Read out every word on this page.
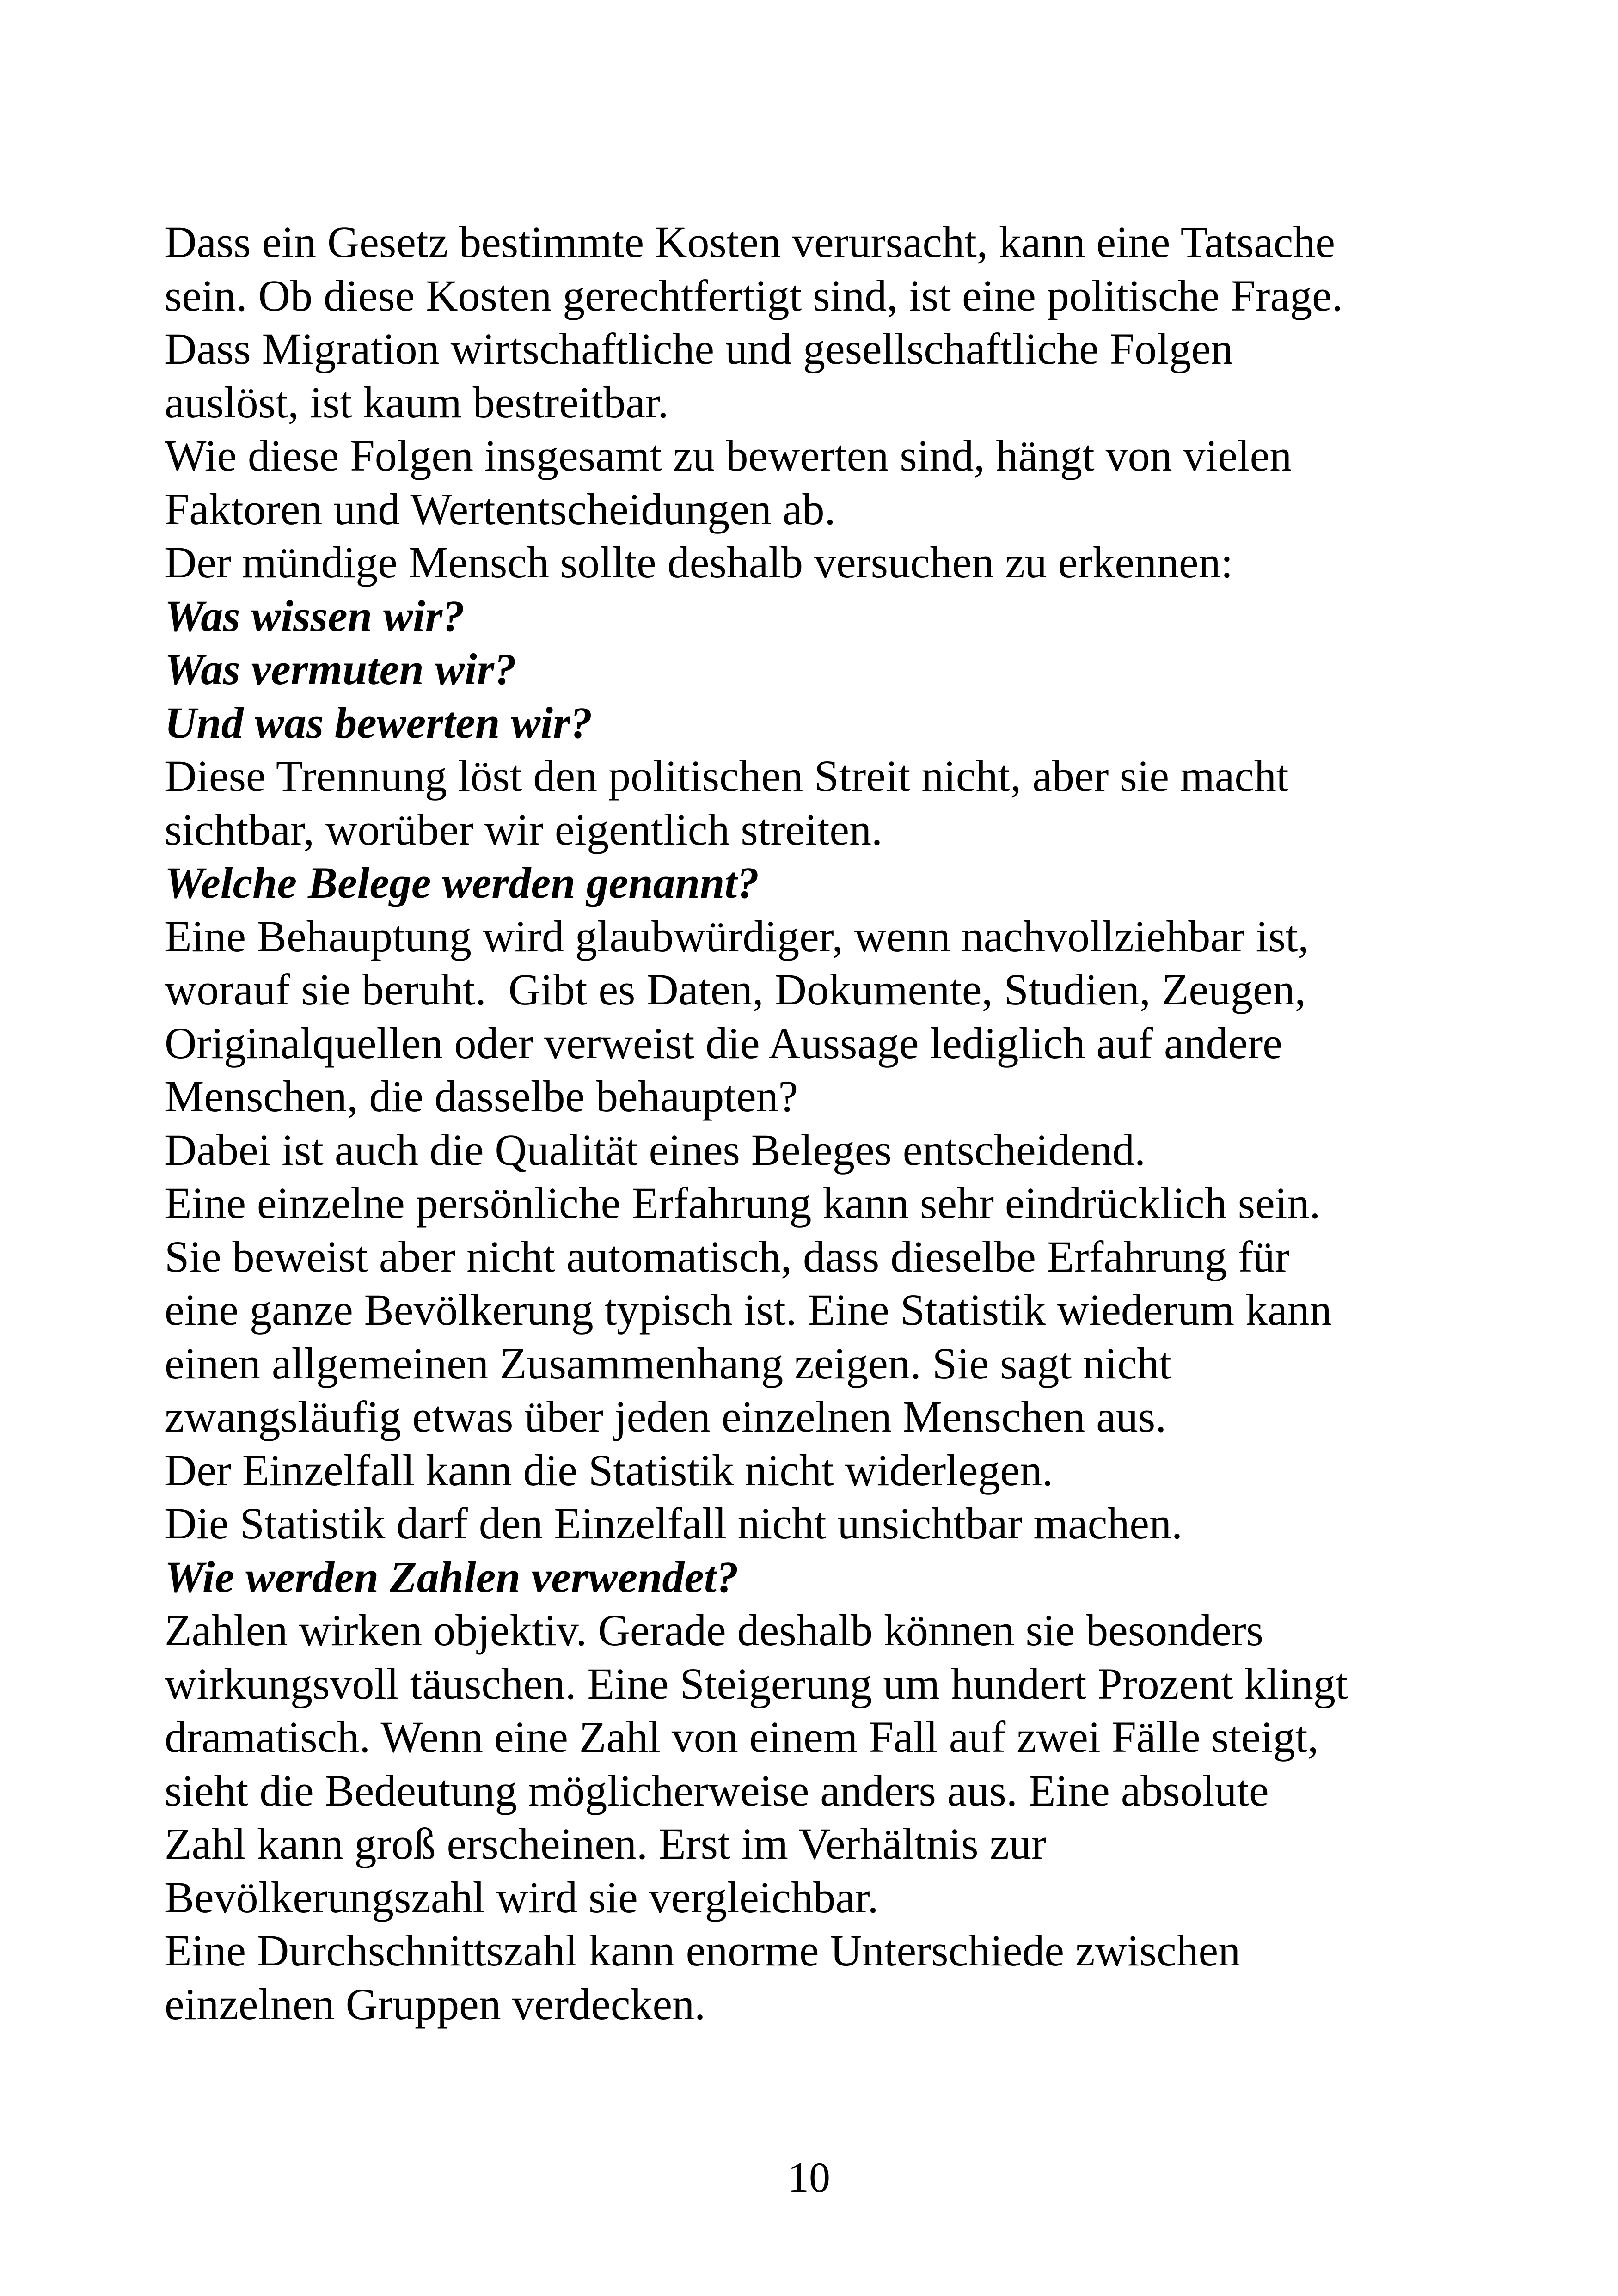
Dass ein Gesetz bestimmte Kosten verursacht, kann eine Tatsache

sein. Ob diese Kosten gerechtfertigt sind, ist eine politische Frage.

Dass Migration wirtschaftliche und gesellschaftliche Folgen

auslöst, ist kaum bestreitbar.

Wie diese Folgen insgesamt zu bewerten sind, hängt von vielen

Faktoren und Wertentscheidungen ab.

Der mündige Mensch sollte deshalb versuchen zu erkennen:

Was wissen wir?

Was vermuten wir?

Und was bewerten wir?

Diese Trennung löst den politischen Streit nicht, aber sie macht

sichtbar, worüber wir eigentlich streiten.

Welche Belege werden genannt?

Eine Behauptung wird glaubwürdiger, wenn nachvollziehbar ist,

worauf sie beruht.  Gibt es Daten, Dokumente, Studien, Zeugen,

Originalquellen oder verweist die Aussage lediglich auf andere

Menschen, die dasselbe behaupten?

Dabei ist auch die Qualität eines Beleges entscheidend.

Eine einzelne persönliche Erfahrung kann sehr eindrücklich sein.

Sie beweist aber nicht automatisch, dass dieselbe Erfahrung für

eine ganze Bevölkerung typisch ist. Eine Statistik wiederum kann

einen allgemeinen Zusammenhang zeigen. Sie sagt nicht

zwangsläufig etwas über jeden einzelnen Menschen aus.

Der Einzelfall kann die Statistik nicht widerlegen.

Die Statistik darf den Einzelfall nicht unsichtbar machen.

Wie werden Zahlen verwendet?

Zahlen wirken objektiv. Gerade deshalb können sie besonders

wirkungsvoll täuschen. Eine Steigerung um hundert Prozent klingt

dramatisch. Wenn eine Zahl von einem Fall auf zwei Fälle steigt,

sieht die Bedeutung möglicherweise anders aus. Eine absolute

Zahl kann groß erscheinen. Erst im Verhältnis zur

Bevölkerungszahl wird sie vergleichbar.

Eine Durchschnittszahl kann enorme Unterschiede zwischen

einzelnen Gruppen verdecken.

10
